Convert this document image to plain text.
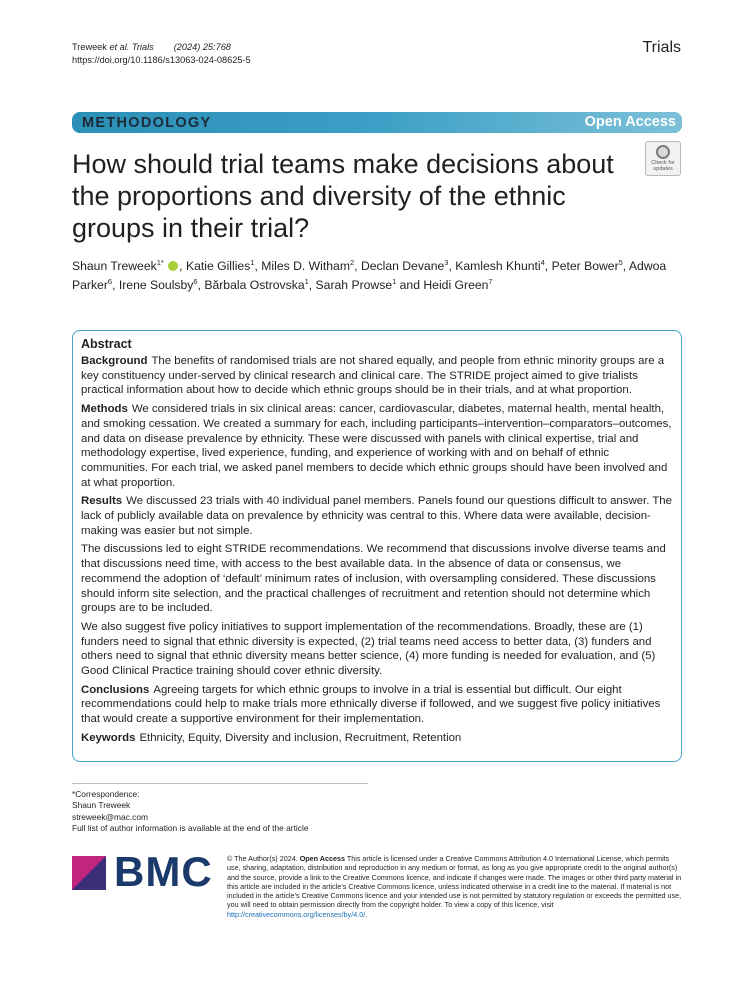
Treweek et al. Trials (2024) 25:768
https://doi.org/10.1186/s13063-024-08625-5
Trials
METHODOLOGY	Open Access
Check for
updates
How should trial teams make decisions about the proportions and diversity of the ethnic groups in their trial?
Shaun Treweek$^{1*}$ , Katie Gillies$^1$, Miles D. Witham$^2$, Declan Devane$^3$, Kamlesh Khunti$^4$, Peter Bower$^5$, Adwoa Parker$^6$, Irene Soulsby$^6$, Bărbala Ostrovska$^1$, Sarah Prowse$^1$ and Heidi Green$^7$
Abstract

Background The benefits of randomised trials are not shared equally, and people from ethnic minority groups are a key constituency under-served by clinical research and clinical care. The STRIDE project aimed to give trialists practical information about how to decide which ethnic groups should be in their trials, and at what proportion.

Methods We considered trials in six clinical areas: cancer, cardiovascular, diabetes, maternal health, mental health, and smoking cessation. We created a summary for each, including participants–intervention–comparators–outcomes, and data on disease prevalence by ethnicity. These were discussed with panels with clinical expertise, trial and methodology expertise, lived experience, funding, and experience of working with and on behalf of ethnic communities. For each trial, we asked panel members to decide which ethnic groups should have been involved and at what proportion.

Results We discussed 23 trials with 40 individual panel members. Panels found our questions difficult to answer. The lack of publicly available data on prevalence by ethnicity was central to this. Where data were available, decision-making was easier but not simple.

The discussions led to eight STRIDE recommendations. We recommend that discussions involve diverse teams and that discussions need time, with access to the best available data. In the absence of data or consensus, we recommend the adoption of ‘default’ minimum rates of inclusion, with oversampling considered. These discussions should inform site selection, and the practical challenges of recruitment and retention should not determine which groups are to be included.

We also suggest five policy initiatives to support implementation of the recommendations. Broadly, these are (1) funders need to signal that ethnic diversity is expected, (2) trial teams need access to better data, (3) funders and others need to signal that ethnic diversity means better science, (4) more funding is needed for evaluation, and (5) Good Clinical Practice training should cover ethnic diversity.

Conclusions Agreeing targets for which ethnic groups to involve in a trial is essential but difficult. Our eight recommendations could help to make trials more ethnically diverse if followed, and we suggest five policy initiatives that would create a supportive environment for their implementation.

Keywords Ethnicity, Equity, Diversity and inclusion, Recruitment, Retention

*Correspondence:
Shaun Treweek
streweek@mac.com
Full list of author information is available at the end of the article
BMC © The Author(s) 2024. Open Access This article is licensed under a Creative Commons Attribution 4.0 International License, which permits use, sharing, adaptation, distribution and reproduction in any medium or format, as long as you give appropriate credit to the original author(s) and the source, provide a link to the Creative Commons licence, and indicate if changes were made. The images or other third party material in this article are included in the article’s Creative Commons licence, unless indicated otherwise in a credit line to the material. If material is not included in the article’s Creative Commons licence and your intended use is not permitted by statutory regulation or exceeds the permitted use, you will need to obtain permission directly from the copyright holder. To view a copy of this licence, visit http://creativecommons.org/licenses/by/4.0/.
